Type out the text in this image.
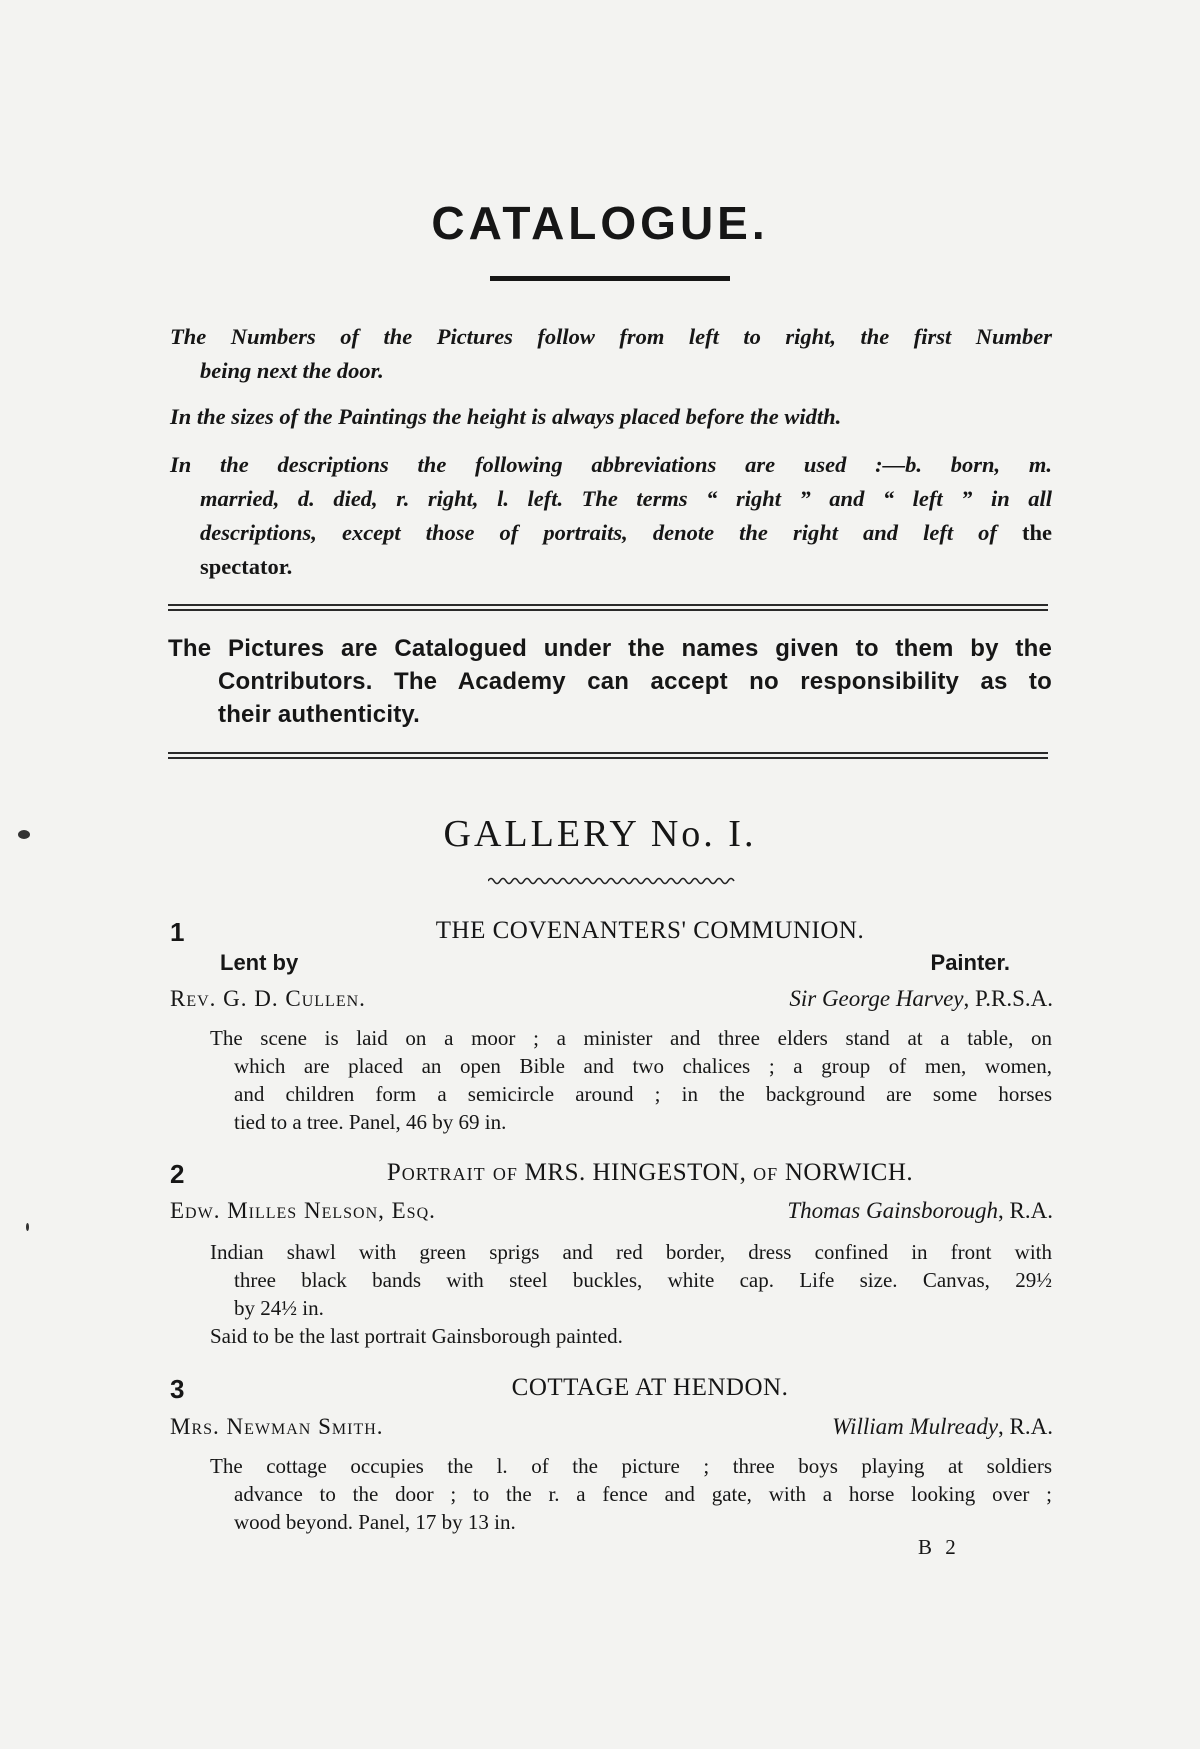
CATALOGUE.
The Numbers of the Pictures follow from left to right, the first Number
being next the door.
In the sizes of the Paintings the height is always placed before the width.
In the descriptions the following abbreviations are used :—b. born, m.
married, d. died, r. right, l. left. The terms “ right ” and “ left ” in all
descriptions, except those of portraits, denote the right and left of the
spectator.
The Pictures are Catalogued under the names given to them by the
Contributors. The Academy can accept no responsibility as to
their authenticity.
GALLERY No. I.
1	THE COVENANTERS' COMMUNION.
Lent by	Painter.
Rev. G. D. Cullen.	Sir George Harvey, P.R.S.A.
The scene is laid on a moor ; a minister and three elders stand at a table, on
which are placed an open Bible and two chalices ; a group of men, women,
and children form a semicircle around ; in the background are some horses
tied to a tree. Panel, 46 by 69 in.
2	Portrait of MRS. HINGESTON, of NORWICH.
Edw. Milles Nelson, Esq.	Thomas Gainsborough, R.A.
Indian shawl with green sprigs and red border, dress confined in front with
three black bands with steel buckles, white cap. Life size. Canvas, 29½
by 24½ in.
Said to be the last portrait Gainsborough painted.
3	COTTAGE AT HENDON.
Mrs. Newman Smith.	William Mulready, R.A.
The cottage occupies the l. of the picture ; three boys playing at soldiers
advance to the door ; to the r. a fence and gate, with a horse looking over ;
wood beyond. Panel, 17 by 13 in.
B 2
